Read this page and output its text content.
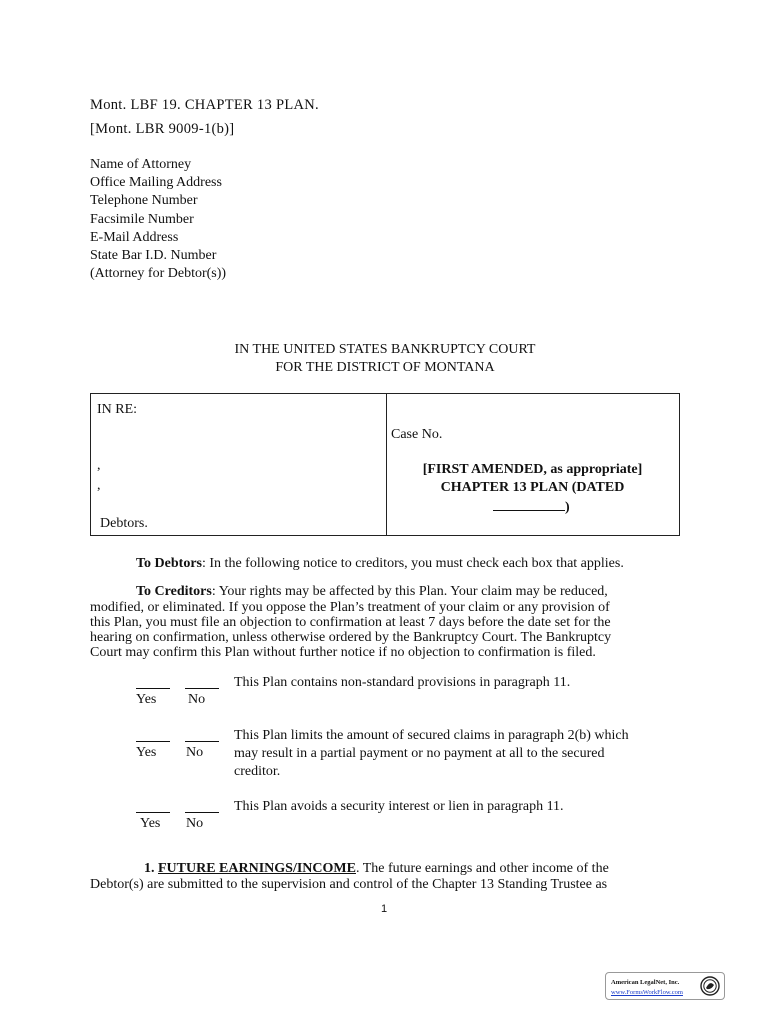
Mont. LBF 19. CHAPTER 13 PLAN.
[Mont. LBR 9009-1(b)]
Name of Attorney
Office Mailing Address
Telephone Number
Facsimile Number
E-Mail Address
State Bar I.D. Number
(Attorney for Debtor(s))
IN THE UNITED STATES BANKRUPTCY COURT
FOR THE DISTRICT OF MONTANA
IN RE:
,
,
Debtors.
Case No.
[FIRST AMENDED, as appropriate]
CHAPTER 13 PLAN (DATED
)
To Debtors: In the following notice to creditors, you must check each box that applies.
To Creditors: Your rights may be affected by this Plan. Your claim may be reduced,
modified, or eliminated. If you oppose the Plan’s treatment of your claim or any provision of
this Plan, you must file an objection to confirmation at least 7 days before the date set for the
hearing on confirmation, unless otherwise ordered by the Bankruptcy Court. The Bankruptcy
Court may confirm this Plan without further notice if no objection to confirmation is filed.
Yes No
This Plan contains non-standard provisions in paragraph 11.
Yes No
This Plan limits the amount of secured claims in paragraph 2(b) which
may result in a partial payment or no payment at all to the secured
creditor.
Yes No
This Plan avoids a security interest or lien in paragraph 11.
1. FUTURE EARNINGS/INCOME. The future earnings and other income of the
Debtor(s) are submitted to the supervision and control of the Chapter 13 Standing Trustee as
1
American LegalNet, Inc.
www.FormsWorkFlow.com
